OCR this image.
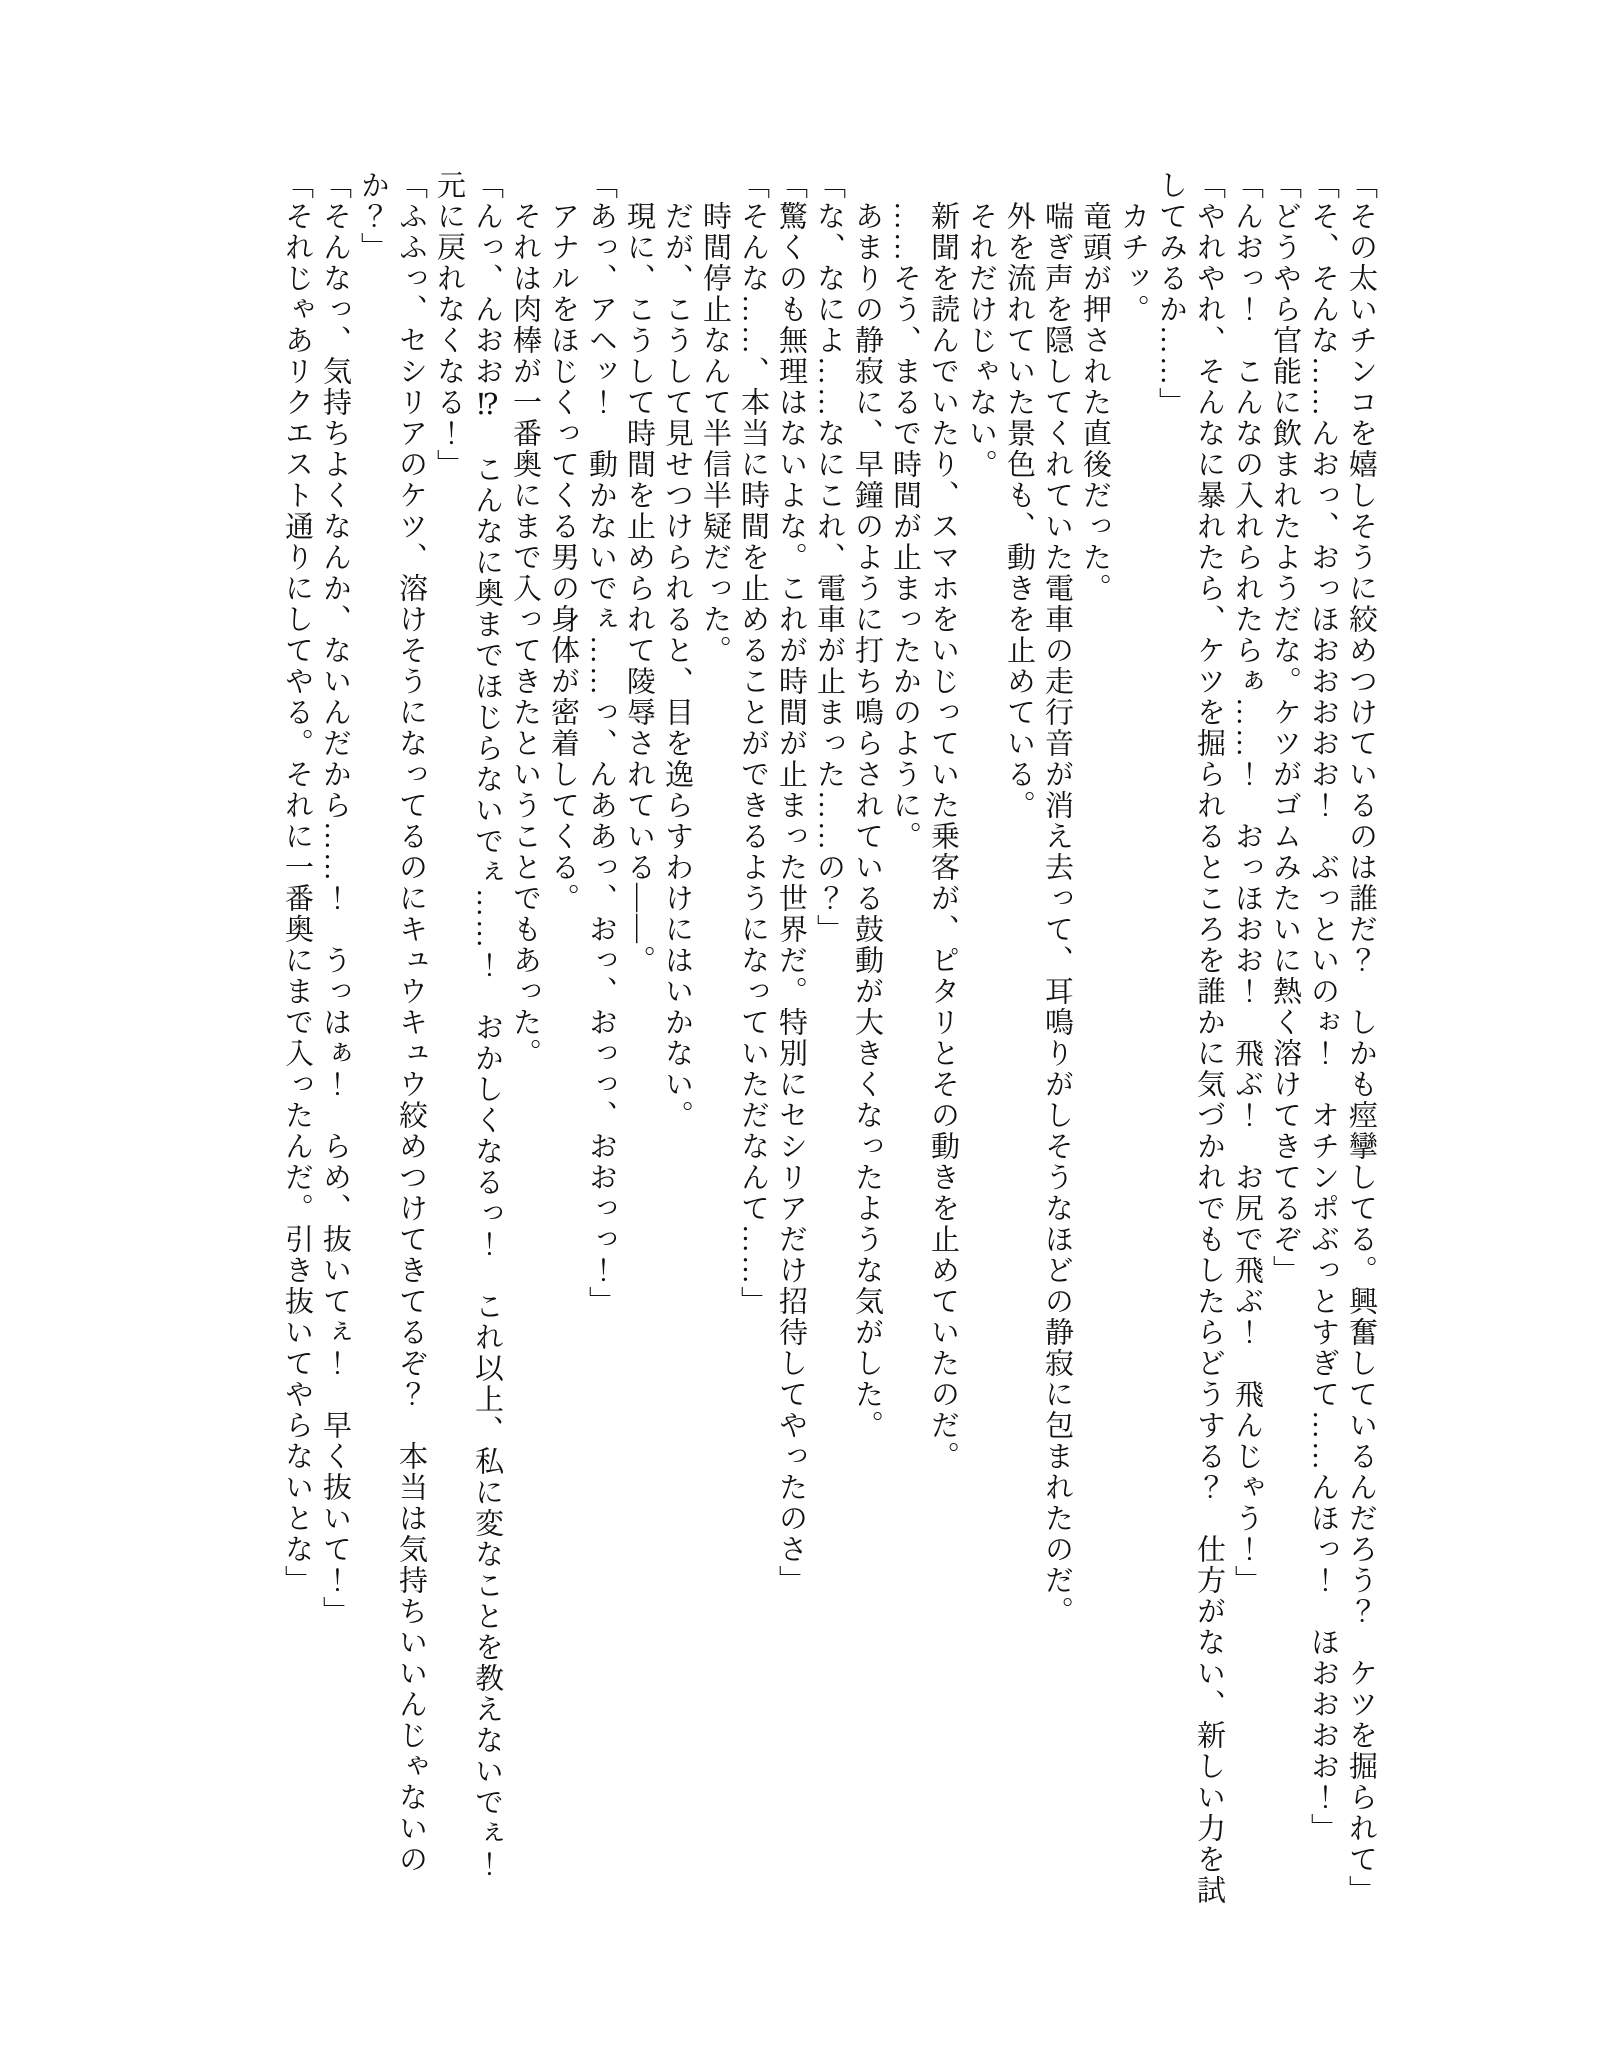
「その太いチンコを嬉しそうに絞めつけているのは誰だ？　しかも痙攣してる。興奮しているんだろう？　ケツを掘られて」

「そ、そんな……んおっ、おっほおおおおお！　ぶっといのぉ！　オチンポぶっとすぎて……んほっ！　ほおおおお！」

「どうやら官能に飲まれたようだな。ケツがゴムみたいに熱く溶けてきてるぞ」

「んおっ！　こんなの入れられたらぁ……！　おっほおお！　飛ぶ！　お尻で飛ぶ！　飛んじゃう！」

「やれやれ、そんなに暴れたら、ケツを掘られるところを誰かに気づかれでもしたらどうする？　仕方がない、新しい力を試してみるか……」

　カチッ。

　竜頭が押された直後だった。

　喘ぎ声を隠してくれていた電車の走行音が消え去って、耳鳴りがしそうなほどの静寂に包まれたのだ。

　外を流れていた景色も、動きを止めている。

　それだけじゃない。

　新聞を読んでいたり、スマホをいじっていた乗客が、ピタリとその動きを止めていたのだ。

　……そう、まるで時間が止まったかのように。

　あまりの静寂に、早鐘のように打ち鳴らされている鼓動が大きくなったような気がした。

「な、なによ……なにこれ、電車が止まった……の？」

「驚くのも無理はないよな。これが時間が止まった世界だ。特別にセシリアだけ招待してやったのさ」

「そんな……、本当に時間を止めることができるようになっていただなんて……」

　時間停止なんて半信半疑だった。

　だが、こうして見せつけられると、目を逸らすわけにはいかない。

　現に、こうして時間を止められて陵辱されている――。

「あっ、アヘッ！　動かないでぇ……っ、んああっ、おっ、おっっ、おおっっ！」

　アナルをほじくってくる男の身体が密着してくる。

　それは肉棒が一番奥にまで入ってきたということでもあった。

「んっ、んおお⁉　こんなに奥までほじらないでぇ……！　おかしくなるっ！　これ以上、私に変なことを教えないでぇ！元に戻れなくなる！」

「ふふっ、セシリアのケツ、溶けそうになってるのにキュウキュウ絞めつけてきてるぞ？　本当は気持ちいいんじゃないのか？」

「そんなっ、気持ちよくなんか、ないんだから……！　うっはぁ！　らめ、抜いてぇ！　早く抜いて！」

「それじゃあリクエスト通りにしてやる。それに一番奥にまで入ったんだ。引き抜いてやらないとな」
